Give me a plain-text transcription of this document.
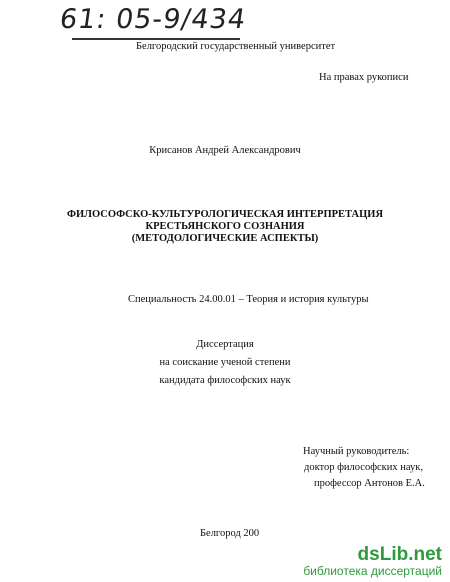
61: 05-9/434
Белгородский государственный университет
На правах рукописи
Крисанов Андрей Александрович
ФИЛОСОФСКО-КУЛЬТУРОЛОГИЧЕСКАЯ ИНТЕРПРЕТАЦИЯ
КРЕСТЬЯНСКОГО СОЗНАНИЯ
(МЕТОДОЛОГИЧЕСКИЕ АСПЕКТЫ)
Специальность 24.00.01 – Теория и история культуры
Диссертация
на соискание ученой степени
кандидата философских наук
Научный руководитель:
доктор философских наук,
профессор Антонов Е.А.
Белгород 200
dsLib.net
библиотека диссертаций
